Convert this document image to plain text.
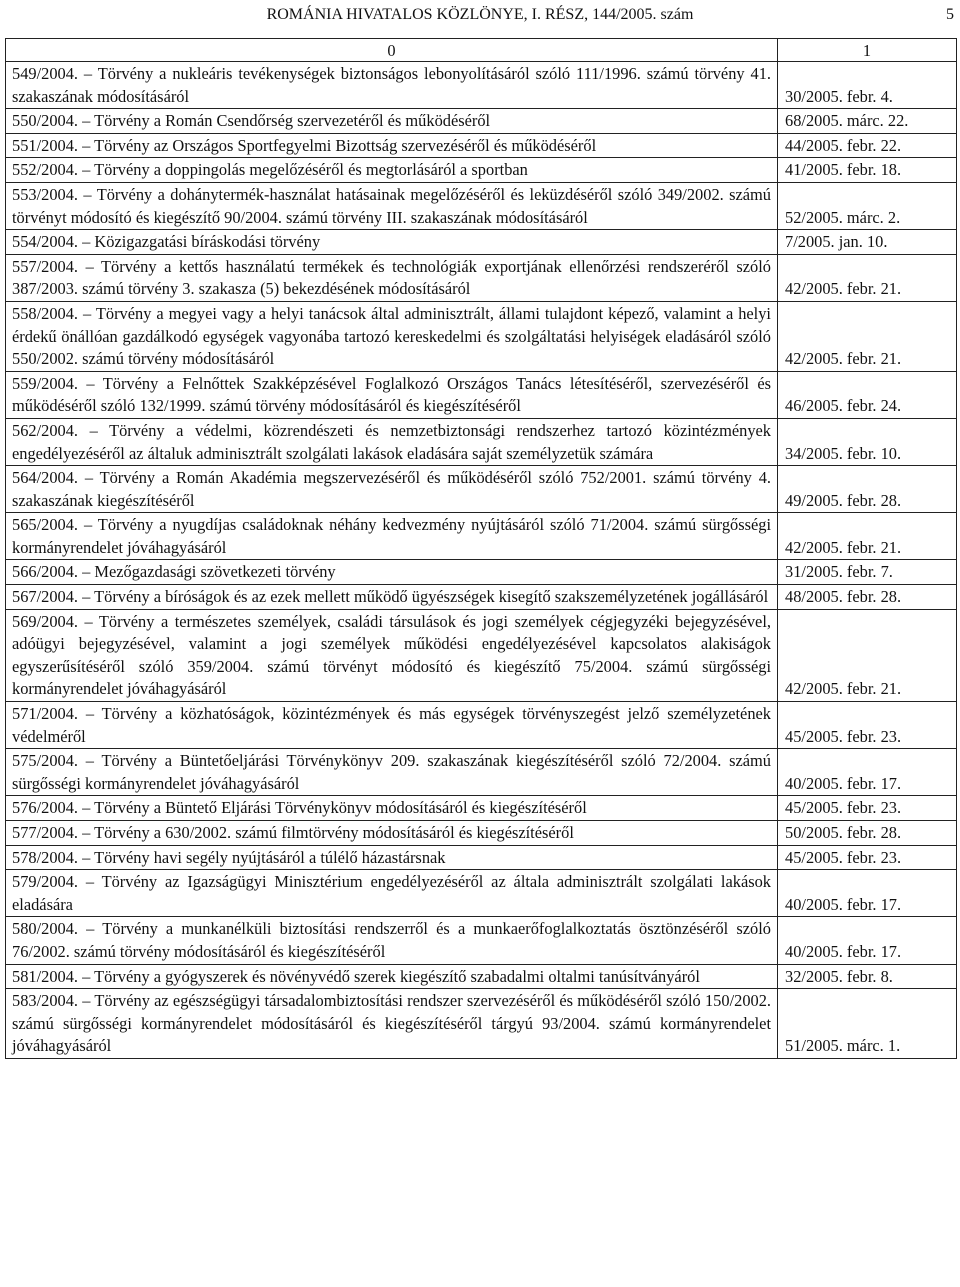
ROMÁNIA HIVATALOS KÖZLÖNYE, I. RÉSZ, 144/2005. szám	5
0	1
549/2004. – Törvény a nukleáris tevékenységek biztonságos lebonyolításáról szóló 111/1996. számú törvény 41. szakaszának módosításáról	30/2005. febr. 4.
550/2004. – Törvény a Román Csendőrség szervezetéről és működéséről	68/2005. márc. 22.
551/2004. – Törvény az Országos Sportfegyelmi Bizottság szervezéséről és működéséről	44/2005. febr. 22.
552/2004. – Törvény a doppingolás megelőzéséről és megtorlásáról a sportban	41/2005. febr. 18.
553/2004. – Törvény a dohánytermék-használat hatásainak megelőzéséről és leküzdéséről szóló 349/2002. számú törvényt módosító és kiegészítő 90/2004. számú törvény III. szakaszának módosításáról	52/2005. márc. 2.
554/2004. – Közigazgatási bíráskodási törvény	7/2005. jan. 10.
557/2004. – Törvény a kettős használatú termékek és technológiák exportjának ellenőrzési rendszeréről szóló 387/2003. számú törvény 3. szakasza (5) bekezdésének módosításáról	42/2005. febr. 21.
558/2004. – Törvény a megyei vagy a helyi tanácsok által adminisztrált, állami tulajdont képező, valamint a helyi érdekű önállóan gazdálkodó egységek vagyonába tartozó kereskedelmi és szolgáltatási helyiségek eladásáról szóló 550/2002. számú törvény módosításáról	42/2005. febr. 21.
559/2004. – Törvény a Felnőttek Szakképzésével Foglalkozó Országos Tanács létesítéséről, szervezéséről és működéséről szóló 132/1999. számú törvény módosításáról és kiegészítéséről	46/2005. febr. 24.
562/2004. – Törvény a védelmi, közrendészeti és nemzetbiztonsági rendszerhez tartozó közintézmények engedélyezéséről az általuk adminisztrált szolgálati lakások eladására saját személyzetük számára	34/2005. febr. 10.
564/2004. – Törvény a Román Akadémia megszervezéséről és működéséről szóló 752/2001. számú törvény 4. szakaszának kiegészítéséről	49/2005. febr. 28.
565/2004. – Törvény a nyugdíjas családoknak néhány kedvezmény nyújtásáról szóló 71/2004. számú sürgősségi kormányrendelet jóváhagyásáról	42/2005. febr. 21.
566/2004. – Mezőgazdasági szövetkezeti törvény	31/2005. febr. 7.
567/2004. – Törvény a bíróságok és az ezek mellett működő ügyészségek kisegítő szakszemélyzetének jogállásáról	48/2005. febr. 28.
569/2004. – Törvény a természetes személyek, családi társulások és jogi személyek cégjegyzéki bejegyzésével, adóügyi bejegyzésével, valamint a jogi személyek működési engedélyezésével kapcsolatos alakiságok egyszerűsítéséről szóló 359/2004. számú törvényt módosító és kiegészítő 75/2004. számú sürgősségi kormányrendelet jóváhagyásáról	42/2005. febr. 21.
571/2004. – Törvény a közhatóságok, közintézmények és más egységek törvényszegést jelző személyzetének védelméről	45/2005. febr. 23.
575/2004. – Törvény a Büntetőeljárási Törvénykönyv 209. szakaszának kiegészítéséről szóló 72/2004. számú sürgősségi kormányrendelet jóváhagyásáról	40/2005. febr. 17.
576/2004. – Törvény a Büntető Eljárási Törvénykönyv módosításáról és kiegészítéséről	45/2005. febr. 23.
577/2004. – Törvény a 630/2002. számú filmtörvény módosításáról és kiegészítéséről	50/2005. febr. 28.
578/2004. – Törvény havi segély nyújtásáról a túlélő házastársnak	45/2005. febr. 23.
579/2004. – Törvény az Igazságügyi Minisztérium engedélyezéséről az általa adminisztrált szolgálati lakások eladására	40/2005. febr. 17.
580/2004. – Törvény a munkanélküli biztosítási rendszerről és a munkaerőfoglalkoztatás ösztönzéséről szóló 76/2002. számú törvény módosításáról és kiegészítéséről	40/2005. febr. 17.
581/2004. – Törvény a gyógyszerek és növényvédő szerek kiegészítő szabadalmi oltalmi tanúsítványáról	32/2005. febr. 8.
583/2004. – Törvény az egészségügyi társadalombiztosítási rendszer szervezéséről és működéséről szóló 150/2002. számú sürgősségi kormányrendelet módosításáról és kiegészítéséről tárgyú 93/2004. számú kormányrendelet jóváhagyásáról	51/2005. márc. 1.
